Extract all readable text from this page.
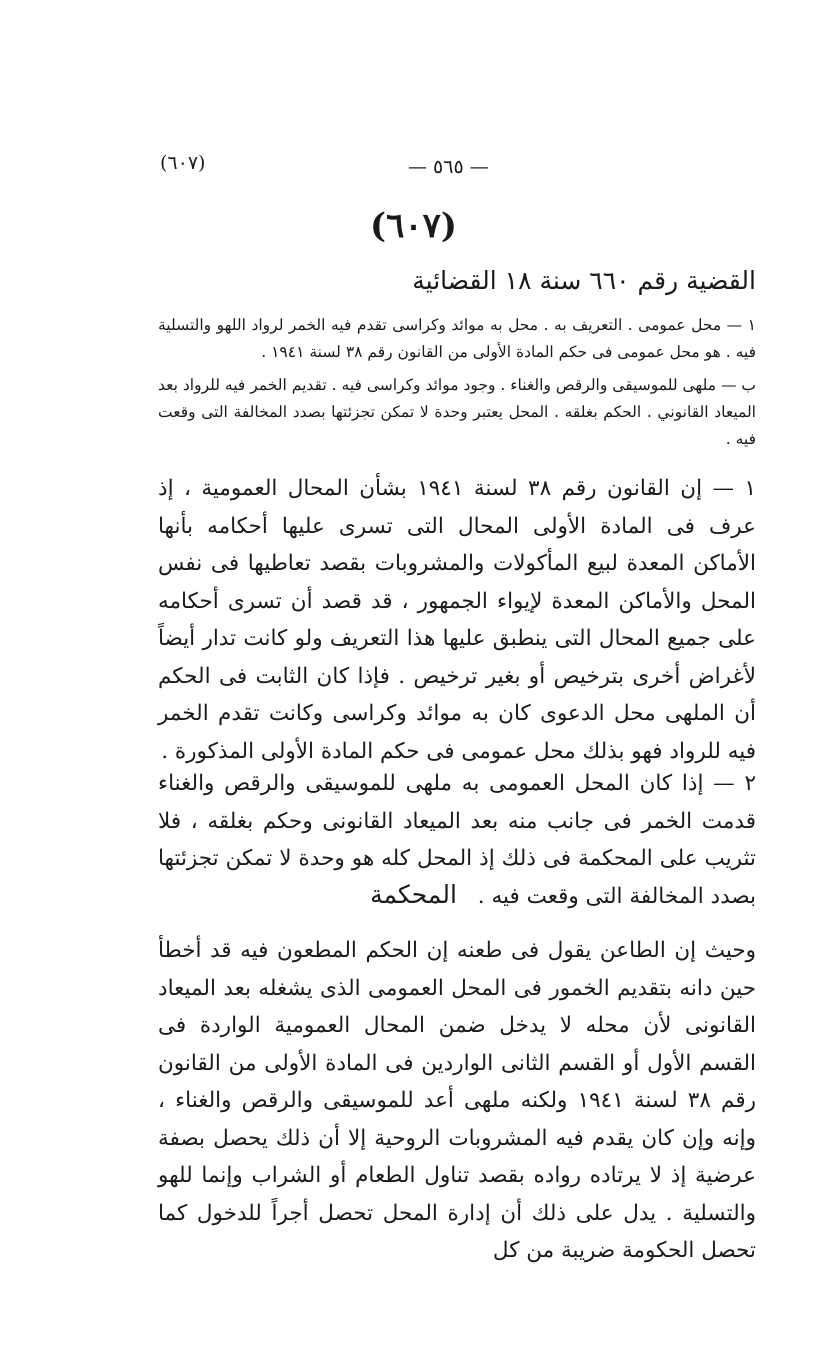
(٦٠٧)	— ٥٦٥ —
(٦٠٧)
القضية رقم ٦٦٠ سنة ١٨ القضائية

١ — محل عمومى . التعريف به . محل به موائد وكراسى تقدم فيه الخمر لرواد اللهو والتسلية فيه . هو محل عمومى فى حكم المادة الأولى من القانون رقم ٣٨ لسنة ١٩٤١ .

ب — ملهى للموسيقى والرقص والغناء . وجود موائد وكراسى فيه . تقديم الخمر فيه للرواد بعد الميعاد القانوني . الحكم بغلقه . المحل يعتبر وحدة لا تمكن تجزئتها بصدد المخالفة التى وقعت فيه .

١ — إن القانون رقم ٣٨ لسنة ١٩٤١ بشأن المحال العمومية ، إذ عرف فى المادة الأولى المحال التى تسرى عليها أحكامه بأنها الأماكن المعدة لبيع المأكولات والمشروبات بقصد تعاطيها فى نفس المحل والأماكن المعدة لإيواء الجمهور ، قد قصد أن تسرى أحكامه على جميع المحال التى ينطبق عليها هذا التعريف ولو كانت تدار أيضاً لأغراض أخرى بترخيص أو بغير ترخيص . فإذا كان الثابت فى الحكم أن الملهى محل الدعوى كان به موائد وكراسى وكانت تقدم الخمر فيه للرواد فهو بذلك محل عمومى فى حكم المادة الأولى المذكورة .

٢ — إذا كان المحل العمومى به ملهى للموسيقى والرقص والغناء قدمت الخمر فى جانب منه بعد الميعاد القانونى وحكم بغلقه ، فلا تثريب على المحكمة فى ذلك إذ المحل كله هو وحدة لا تمكن تجزئتها بصدد المخالفة التى وقعت فيه .

المحكمة

وحيث إن الطاعن يقول فى طعنه إن الحكم المطعون فيه قد أخطأ حين دانه بتقديم الخمور فى المحل العمومى الذى يشغله بعد الميعاد القانونى لأن محله لا يدخل ضمن المحال العمومية الواردة فى القسم الأول أو القسم الثانى الواردين فى المادة الأولى من القانون رقم ٣٨ لسنة ١٩٤١ ولكنه ملهى أعد للموسيقى والرقص والغناء ، وإنه وإن كان يقدم فيه المشروبات الروحية إلا أن ذلك يحصل بصفة عرضية إذ لا يرتاده رواده بقصد تناول الطعام أو الشراب وإنما للهو والتسلية . يدل على ذلك أن إدارة المحل تحصل أجراً للدخول كما تحصل الحكومة ضريبة من كل
